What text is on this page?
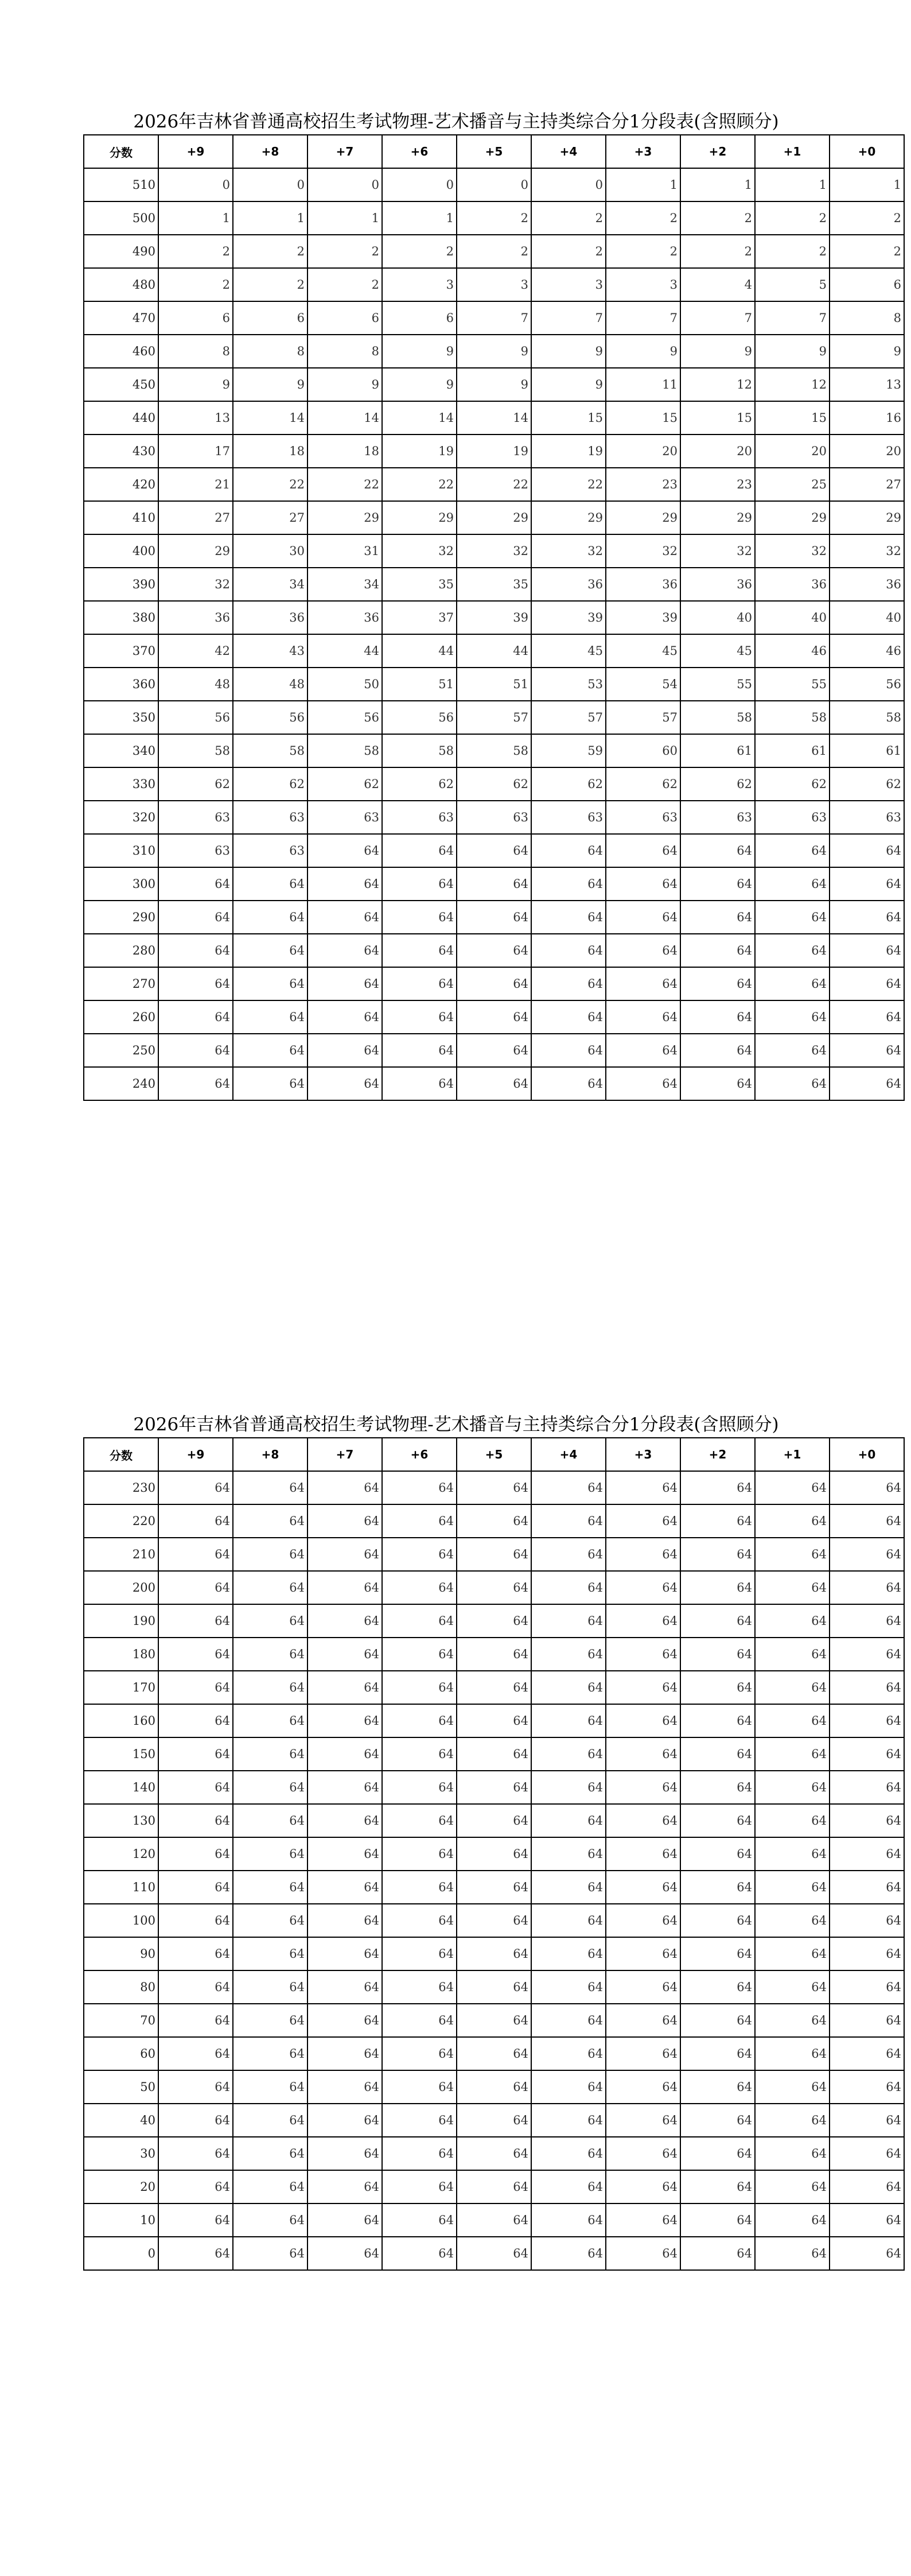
2026年吉林省普通高校招生考试物理-艺术播音与主持类综合分1分段表(含照顾分)
分数	+9	+8	+7	+6	+5	+4	+3	+2	+1	+0
510	0	0	0	0	0	0	1	1	1	1
500	1	1	1	1	2	2	2	2	2	2
490	2	2	2	2	2	2	2	2	2	2
480	2	2	2	3	3	3	3	4	5	6
470	6	6	6	6	7	7	7	7	7	8
460	8	8	8	9	9	9	9	9	9	9
450	9	9	9	9	9	9	11	12	12	13
440	13	14	14	14	14	15	15	15	15	16
430	17	18	18	19	19	19	20	20	20	20
420	21	22	22	22	22	22	23	23	25	27
410	27	27	29	29	29	29	29	29	29	29
400	29	30	31	32	32	32	32	32	32	32
390	32	34	34	35	35	36	36	36	36	36
380	36	36	36	37	39	39	39	40	40	40
370	42	43	44	44	44	45	45	45	46	46
360	48	48	50	51	51	53	54	55	55	56
350	56	56	56	56	57	57	57	58	58	58
340	58	58	58	58	58	59	60	61	61	61
330	62	62	62	62	62	62	62	62	62	62
320	63	63	63	63	63	63	63	63	63	63
310	63	63	64	64	64	64	64	64	64	64
300	64	64	64	64	64	64	64	64	64	64
290	64	64	64	64	64	64	64	64	64	64
280	64	64	64	64	64	64	64	64	64	64
270	64	64	64	64	64	64	64	64	64	64
260	64	64	64	64	64	64	64	64	64	64
250	64	64	64	64	64	64	64	64	64	64
240	64	64	64	64	64	64	64	64	64	64
2026年吉林省普通高校招生考试物理-艺术播音与主持类综合分1分段表(含照顾分)
分数	+9	+8	+7	+6	+5	+4	+3	+2	+1	+0
230	64	64	64	64	64	64	64	64	64	64
220	64	64	64	64	64	64	64	64	64	64
210	64	64	64	64	64	64	64	64	64	64
200	64	64	64	64	64	64	64	64	64	64
190	64	64	64	64	64	64	64	64	64	64
180	64	64	64	64	64	64	64	64	64	64
170	64	64	64	64	64	64	64	64	64	64
160	64	64	64	64	64	64	64	64	64	64
150	64	64	64	64	64	64	64	64	64	64
140	64	64	64	64	64	64	64	64	64	64
130	64	64	64	64	64	64	64	64	64	64
120	64	64	64	64	64	64	64	64	64	64
110	64	64	64	64	64	64	64	64	64	64
100	64	64	64	64	64	64	64	64	64	64
90	64	64	64	64	64	64	64	64	64	64
80	64	64	64	64	64	64	64	64	64	64
70	64	64	64	64	64	64	64	64	64	64
60	64	64	64	64	64	64	64	64	64	64
50	64	64	64	64	64	64	64	64	64	64
40	64	64	64	64	64	64	64	64	64	64
30	64	64	64	64	64	64	64	64	64	64
20	64	64	64	64	64	64	64	64	64	64
10	64	64	64	64	64	64	64	64	64	64
0	64	64	64	64	64	64	64	64	64	64
